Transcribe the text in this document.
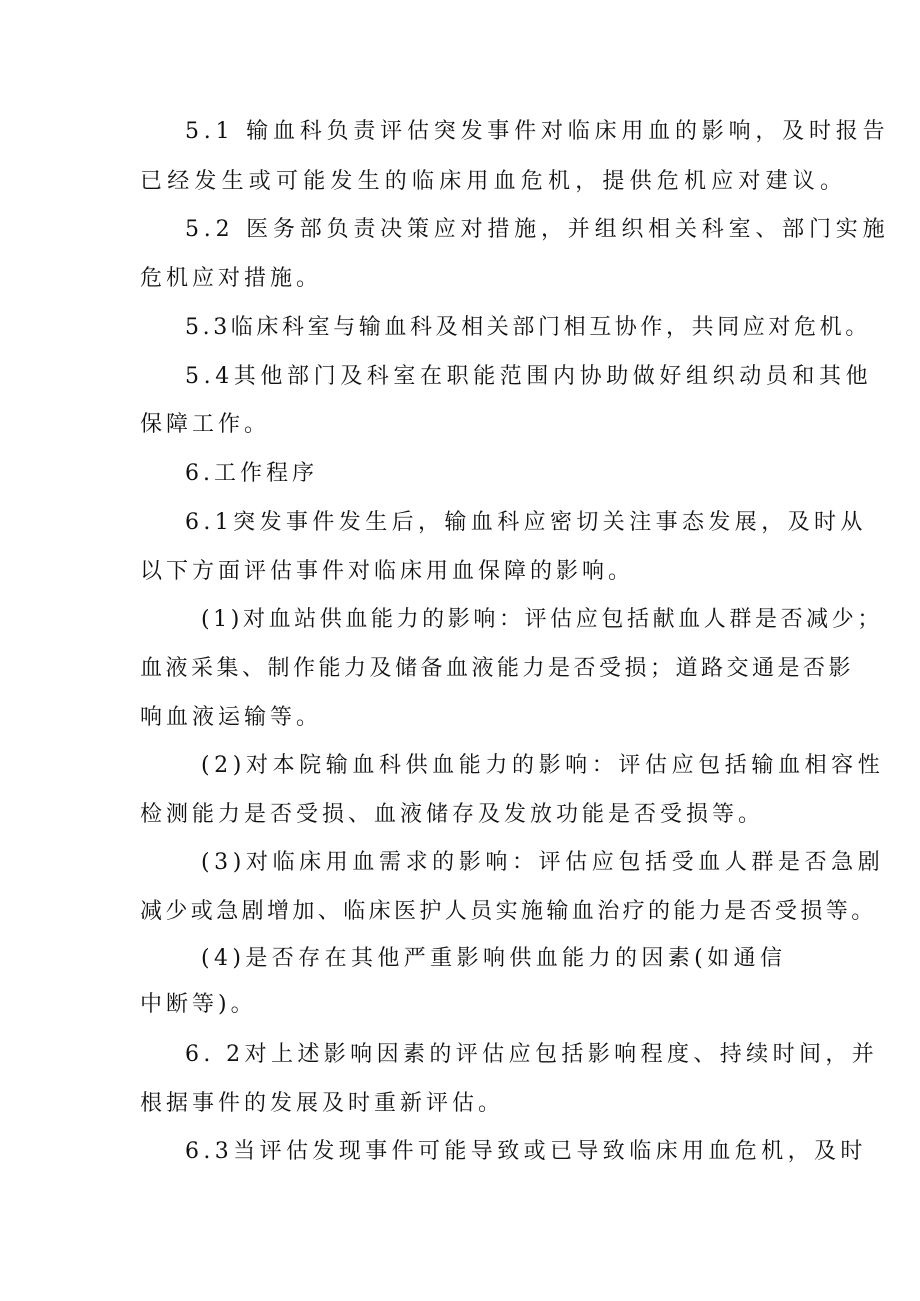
5.1 输血科负责评估突发事件对临床用血的影响，及时报告
已经发生或可能发生的临床用血危机，提供危机应对建议。
5.2 医务部负责决策应对措施，并组织相关科室、部门实施
危机应对措施。
5.3临床科室与输血科及相关部门相互协作，共同应对危机。
5.4其他部门及科室在职能范围内协助做好组织动员和其他
保障工作。
6.工作程序
6.1突发事件发生后，输血科应密切关注事态发展，及时从
以下方面评估事件对临床用血保障的影响。
(1)对血站供血能力的影响：评估应包括献血人群是否减少；
血液采集、制作能力及储备血液能力是否受损；道路交通是否影
响血液运输等。
(2)对本院输血科供血能力的影响：评估应包括输血相容性
检测能力是否受损、血液储存及发放功能是否受损等。
(3)对临床用血需求的影响：评估应包括受血人群是否急剧
减少或急剧增加、临床医护人员实施输血治疗的能力是否受损等。
(4)是否存在其他严重影响供血能力的因素(如通信
中断等)。
6. 2对上述影响因素的评估应包括影响程度、持续时间，并
根据事件的发展及时重新评估。
6.3当评估发现事件可能导致或已导致临床用血危机，及时
